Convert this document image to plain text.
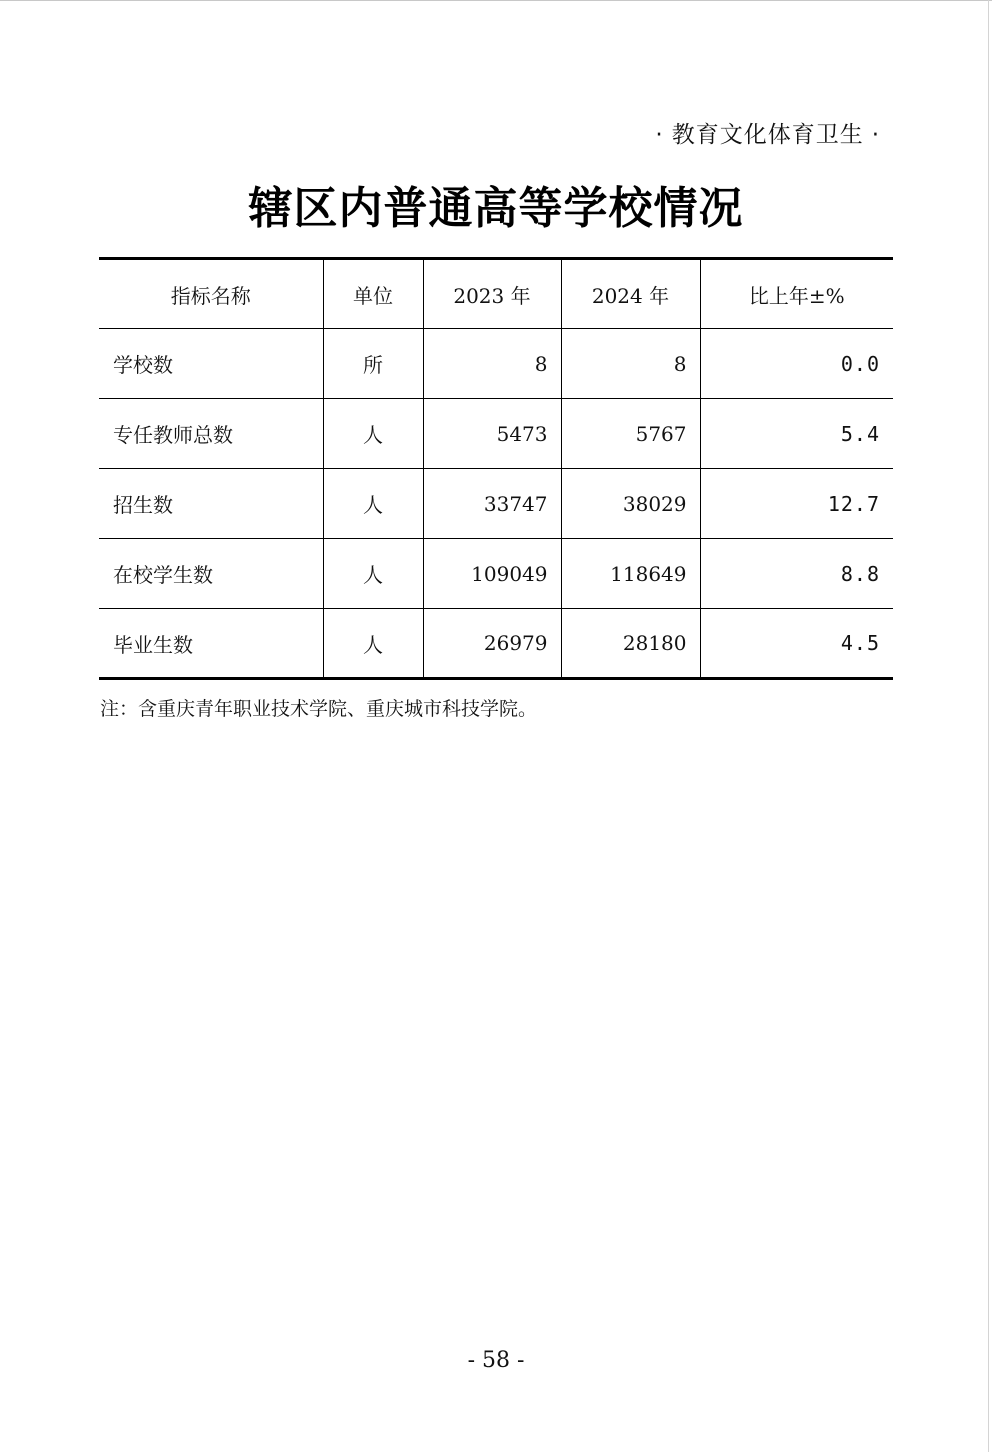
· 教育文化体育卫生 ·
辖区内普通高等学校情况
指标名称	单位	2023 年	2024 年	比上年±%
学校数	所	8	8	0.0
专任教师总数	人	5473	5767	5.4
招生数	人	33747	38029	12.7
在校学生数	人	109049	118649	8.8
毕业生数	人	26979	28180	4.5
注：含重庆青年职业技术学院、重庆城市科技学院。
- 58 -
